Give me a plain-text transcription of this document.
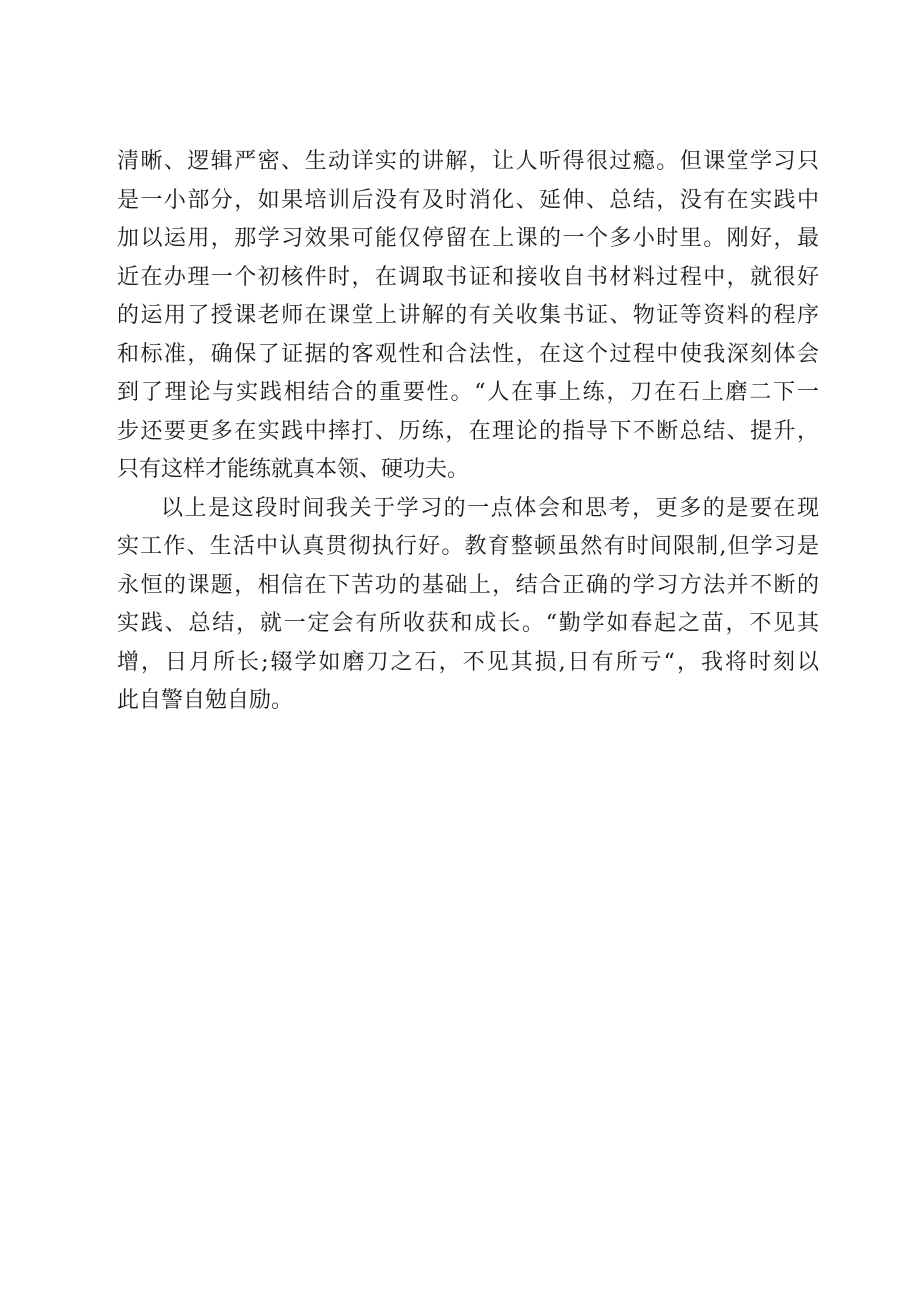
清晰、逻辑严密、生动详实的讲解，让人听得很过瘾。但课堂学习只
是一小部分，如果培训后没有及时消化、延伸、总结，没有在实践中
加以运用，那学习效果可能仅停留在上课的一个多小时里。刚好，最
近在办理一个初核件时，在调取书证和接收自书材料过程中，就很好
的运用了授课老师在课堂上讲解的有关收集书证、物证等资料的程序
和标准，确保了证据的客观性和合法性，在这个过程中使我深刻体会
到了理论与实践相结合的重要性。“人在事上练，刀在石上磨二下一
步还要更多在实践中摔打、历练，在理论的指导下不断总结、提升，
只有这样才能练就真本领、硬功夫。
以上是这段时间我关于学习的一点体会和思考，更多的是要在现
实工作、生活中认真贯彻执行好。教育整顿虽然有时间限制,但学习是
永恒的课题，相信在下苦功的基础上，结合正确的学习方法并不断的
实践、总结，就一定会有所收获和成长。“勤学如春起之苗，不见其
增，日月所长;辍学如磨刀之石，不见其损,日有所亏“，我将时刻以
此自警自勉自励。
